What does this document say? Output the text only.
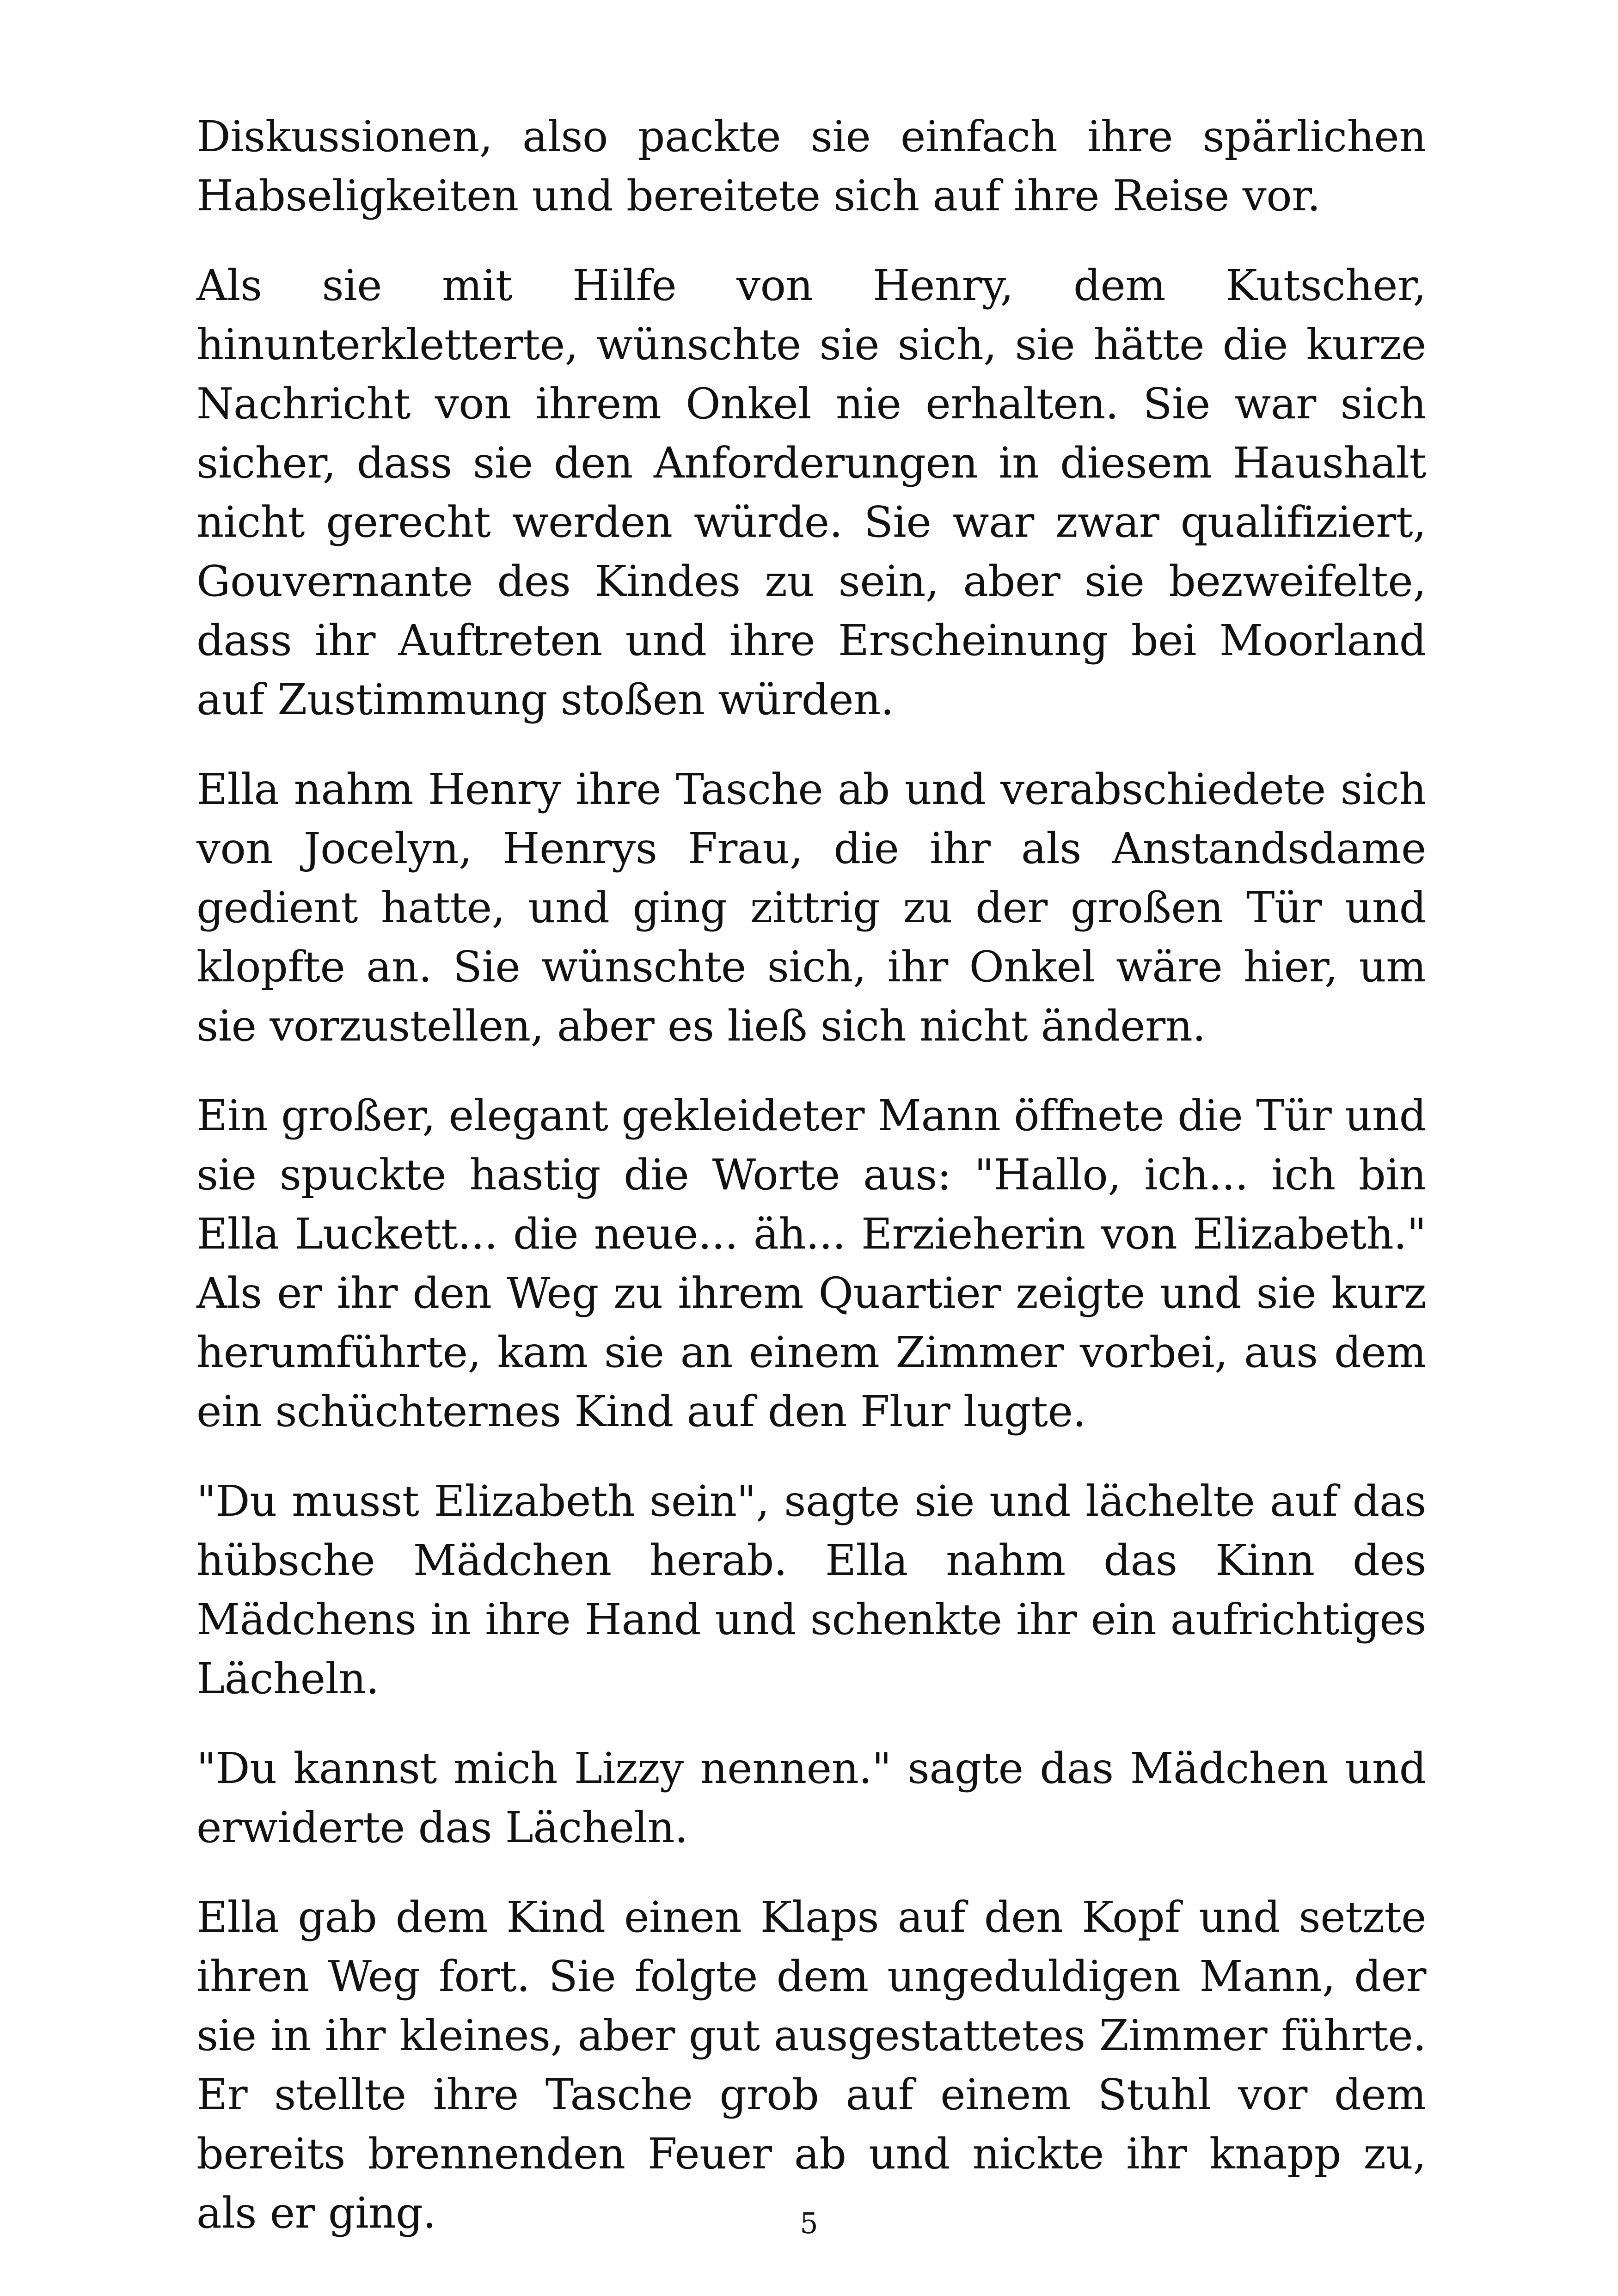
Diskussionen, also packte sie einfach ihre spärlichen Habseligkeiten und bereitete sich auf ihre Reise vor.

Als sie mit Hilfe von Henry, dem Kutscher, hinunterkletterte, wünschte sie sich, sie hätte die kurze Nachricht von ihrem Onkel nie erhalten. Sie war sich sicher, dass sie den Anforderungen in diesem Haushalt nicht gerecht werden würde. Sie war zwar qualifiziert, Gouvernante des Kindes zu sein, aber sie bezweifelte, dass ihr Auftreten und ihre Erscheinung bei Moorland auf Zustimmung stoßen würden.

Ella nahm Henry ihre Tasche ab und verabschiedete sich von Jocelyn, Henrys Frau, die ihr als Anstandsdame gedient hatte, und ging zittrig zu der großen Tür und klopfte an. Sie wünschte sich, ihr Onkel wäre hier, um sie vorzustellen, aber es ließ sich nicht ändern.

Ein großer, elegant gekleideter Mann öffnete die Tür und sie spuckte hastig die Worte aus: "Hallo, ich... ich bin Ella Luckett... die neue... äh... Erzieherin von Elizabeth." Als er ihr den Weg zu ihrem Quartier zeigte und sie kurz herumführte, kam sie an einem Zimmer vorbei, aus dem ein schüchternes Kind auf den Flur lugte.

"Du musst Elizabeth sein", sagte sie und lächelte auf das hübsche Mädchen herab. Ella nahm das Kinn des Mädchens in ihre Hand und schenkte ihr ein aufrichtiges Lächeln.

"Du kannst mich Lizzy nennen." sagte das Mädchen und erwiderte das Lächeln.

Ella gab dem Kind einen Klaps auf den Kopf und setzte ihren Weg fort. Sie folgte dem ungeduldigen Mann, der sie in ihr kleines, aber gut ausgestattetes Zimmer führte. Er stellte ihre Tasche grob auf einem Stuhl vor dem bereits brennenden Feuer ab und nickte ihr knapp zu, als er ging.	5
